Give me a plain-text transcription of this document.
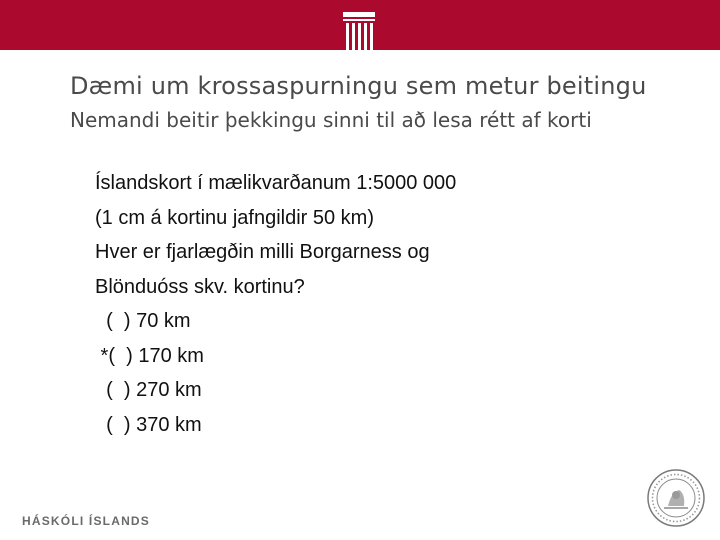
Dæmi um krossaspurningu sem metur beitingu
Nemandi beitir þekkingu sinni til að lesa rétt af korti
Íslandskort í mælikvarðanum 1:5000 000
(1 cm á kortinu jafngildir 50 km)
Hver er fjarlægðin milli Borgarness og
Blönduóss skv. kortinu?
(  ) 70 km
*(  ) 170 km
(  ) 270 km
(  ) 370 km
HÁSKÓLI ÍSLANDS
